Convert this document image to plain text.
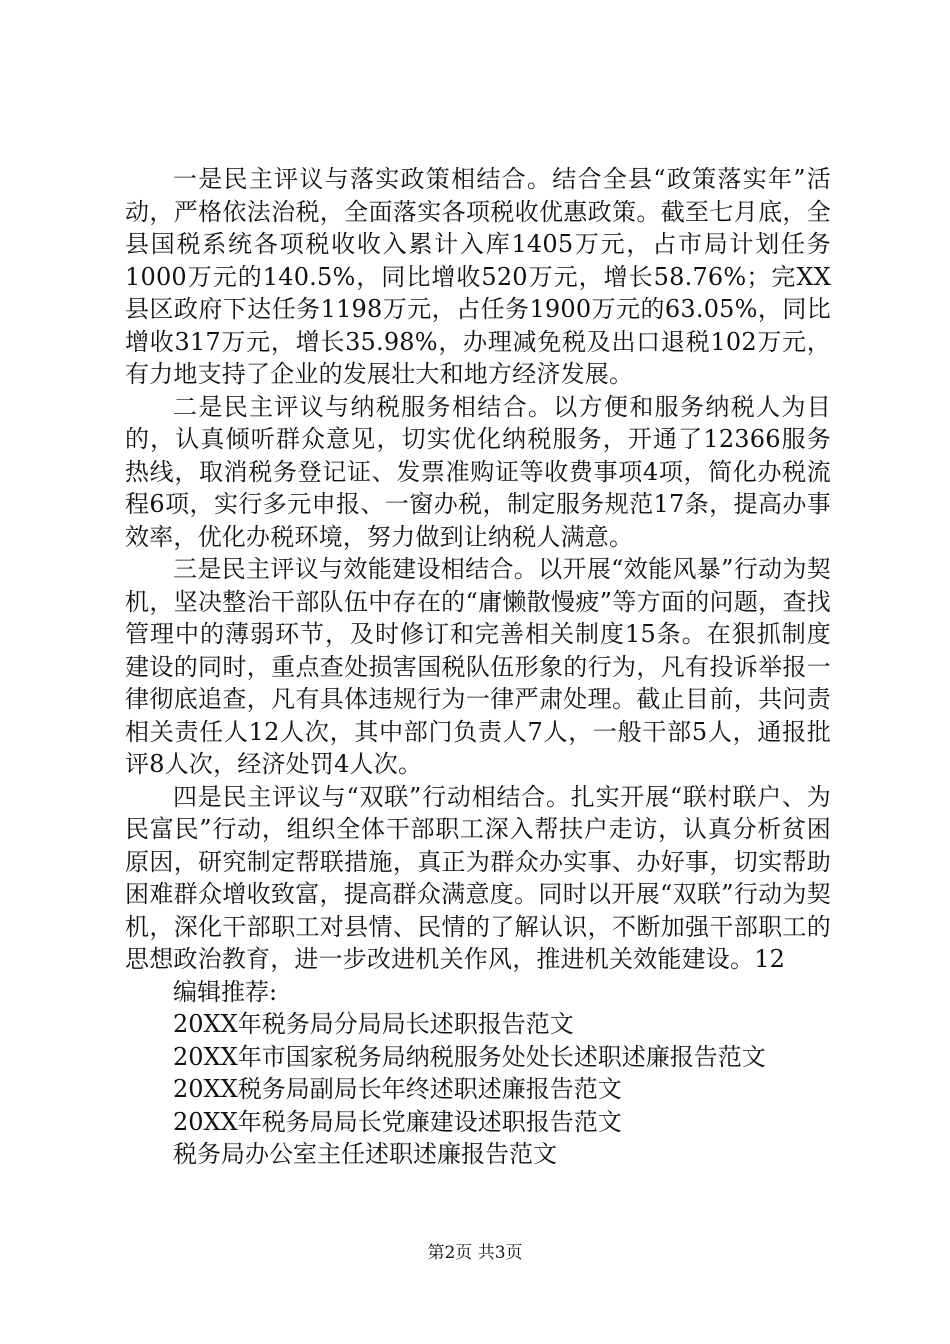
一是民主评议与落实政策相结合。结合全县“政策落实年”活动，严格依法治税，全面落实各项税收优惠政策。截至七月底，全县国税系统各项税收收入累计入库1405万元，占市局计划任务1000万元的140.5%，同比增收520万元，增长58.76%；完XX县区政府下达任务1198万元，占任务1900万元的63.05%，同比增收317万元，增长35.98%，办理减免税及出口退税102万元，有力地支持了企业的发展壮大和地方经济发展。

二是民主评议与纳税服务相结合。以方便和服务纳税人为目的，认真倾听群众意见，切实优化纳税服务，开通了12366服务热线，取消税务登记证、发票准购证等收费事项4项，简化办税流程6项，实行多元申报、一窗办税，制定服务规范17条，提高办事效率，优化办税环境，努力做到让纳税人满意。

三是民主评议与效能建设相结合。以开展“效能风暴”行动为契机，坚决整治干部队伍中存在的“庸懒散慢疲”等方面的问题，查找管理中的薄弱环节，及时修订和完善相关制度15条。在狠抓制度建设的同时，重点查处损害国税队伍形象的行为，凡有投诉举报一律彻底追查，凡有具体违规行为一律严肃处理。截止目前，共问责相关责任人12人次，其中部门负责人7人，一般干部5人，通报批评8人次，经济处罚4人次。

四是民主评议与“双联”行动相结合。扎实开展“联村联户、为民富民”行动，组织全体干部职工深入帮扶户走访，认真分析贫困原因，研究制定帮联措施，真正为群众办实事、办好事，切实帮助困难群众增收致富，提高群众满意度。同时以开展“双联”行动为契机，深化干部职工对县情、民情的了解认识，不断加强干部职工的思想政治教育，进一步改进机关作风，推进机关效能建设。12

编辑推荐:

20XX年税务局分局局长述职报告范文
20XX年市国家税务局纳税服务处处长述职述廉报告范文
20XX税务局副局长年终述职述廉报告范文
20XX年税务局局长党廉建设述职报告范文
税务局办公室主任述职述廉报告范文
第2页 共3页
